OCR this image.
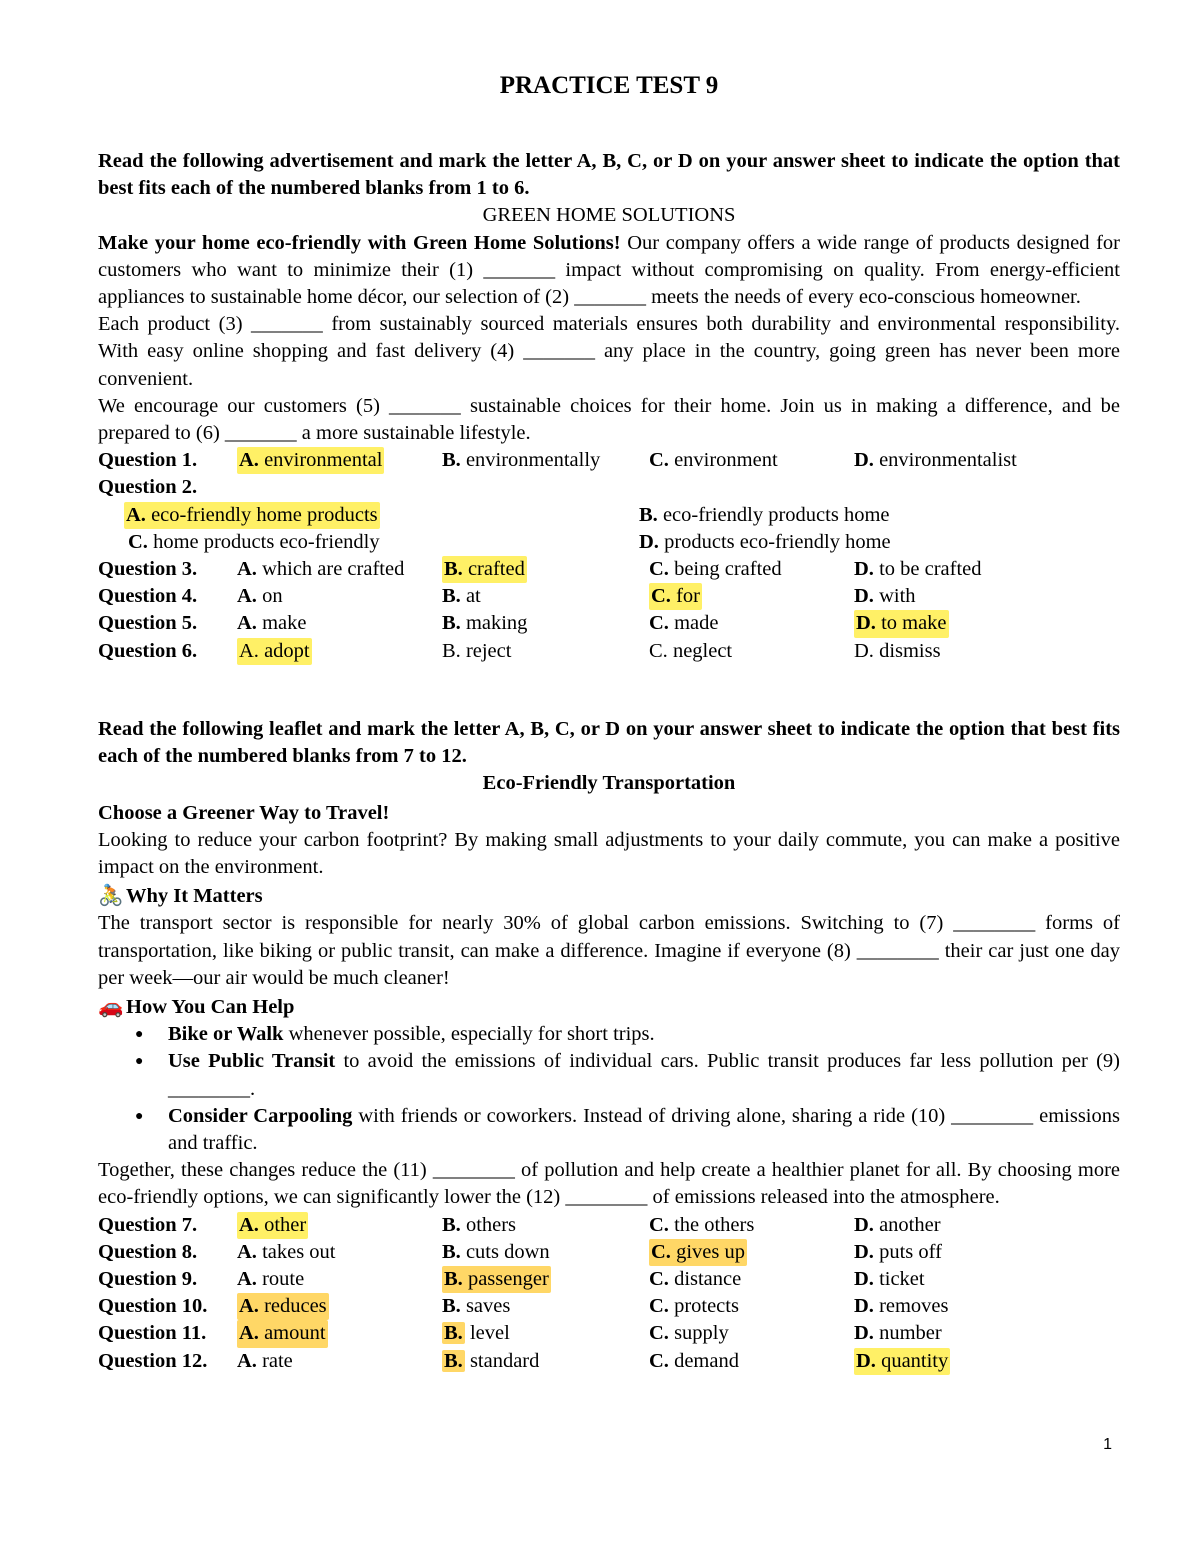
PRACTICE TEST 9

Read the following advertisement and mark the letter A, B, C, or D on your answer sheet to indicate the option that best fits each of the numbered blanks from 1 to 6.

GREEN HOME SOLUTIONS

Make your home eco-friendly with Green Home Solutions! Our company offers a wide range of products designed for customers who want to minimize their (1) _______ impact without compromising on quality. From energy-efficient appliances to sustainable home décor, our selection of (2) _______ meets the needs of every eco-conscious homeowner.

Each product (3) _______ from sustainably sourced materials ensures both durability and environmental responsibility. With easy online shopping and fast delivery (4) _______ any place in the country, going green has never been more convenient.

We encourage our customers (5) _______ sustainable choices for their home. Join us in making a difference, and be prepared to (6) _______ a more sustainable lifestyle.

Question 1. A. environmental	B. environmentally C. environment	D. environmentalist
Question 2.
A. eco-friendly home products	B. eco-friendly products home
C. home products eco-friendly	D. products eco-friendly home
Question 3. A. which are crafted B. crafted	C. being crafted	D. to be crafted
Question 4. A. on	B. at	C. for	D. with
Question 5. A. make	B. making	C. made	D. to make
Question 6. A. adopt	B. reject	C. neglect	D. dismiss

Read the following leaflet and mark the letter A, B, C, or D on your answer sheet to indicate the option that best fits each of the numbered blanks from 7 to 12.

Eco-Friendly Transportation

Choose a Greener Way to Travel!

Looking to reduce your carbon footprint? By making small adjustments to your daily commute, you can make a positive impact on the environment.

🚴 Why It Matters

The transport sector is responsible for nearly 30% of global carbon emissions. Switching to (7) ________ forms of transportation, like biking or public transit, can make a difference. Imagine if everyone (8) ________ their car just one day per week—our air would be much cleaner!

🚗 How You Can Help

● Bike or Walk whenever possible, especially for short trips.
● Use Public Transit to avoid the emissions of individual cars. Public transit produces far less pollution per (9) ________.
● Consider Carpooling with friends or coworkers. Instead of driving alone, sharing a ride (10) ________ emissions and traffic.

Together, these changes reduce the (11) ________ of pollution and help create a healthier planet for all. By choosing more eco-friendly options, we can significantly lower the (12) ________ of emissions released into the atmosphere.

Question 7. A. other	B. others	C. the others	D. another
Question 8. A. takes out	B. cuts down	C. gives up	D. puts off
Question 9. A. route	B. passenger	C. distance	D. ticket
Question 10. A. reduces	B. saves	C. protects	D. removes
Question 11. A. amount	B. level	C. supply	D. number
Question 12. A. rate	B. standard	C. demand	D. quantity
1
